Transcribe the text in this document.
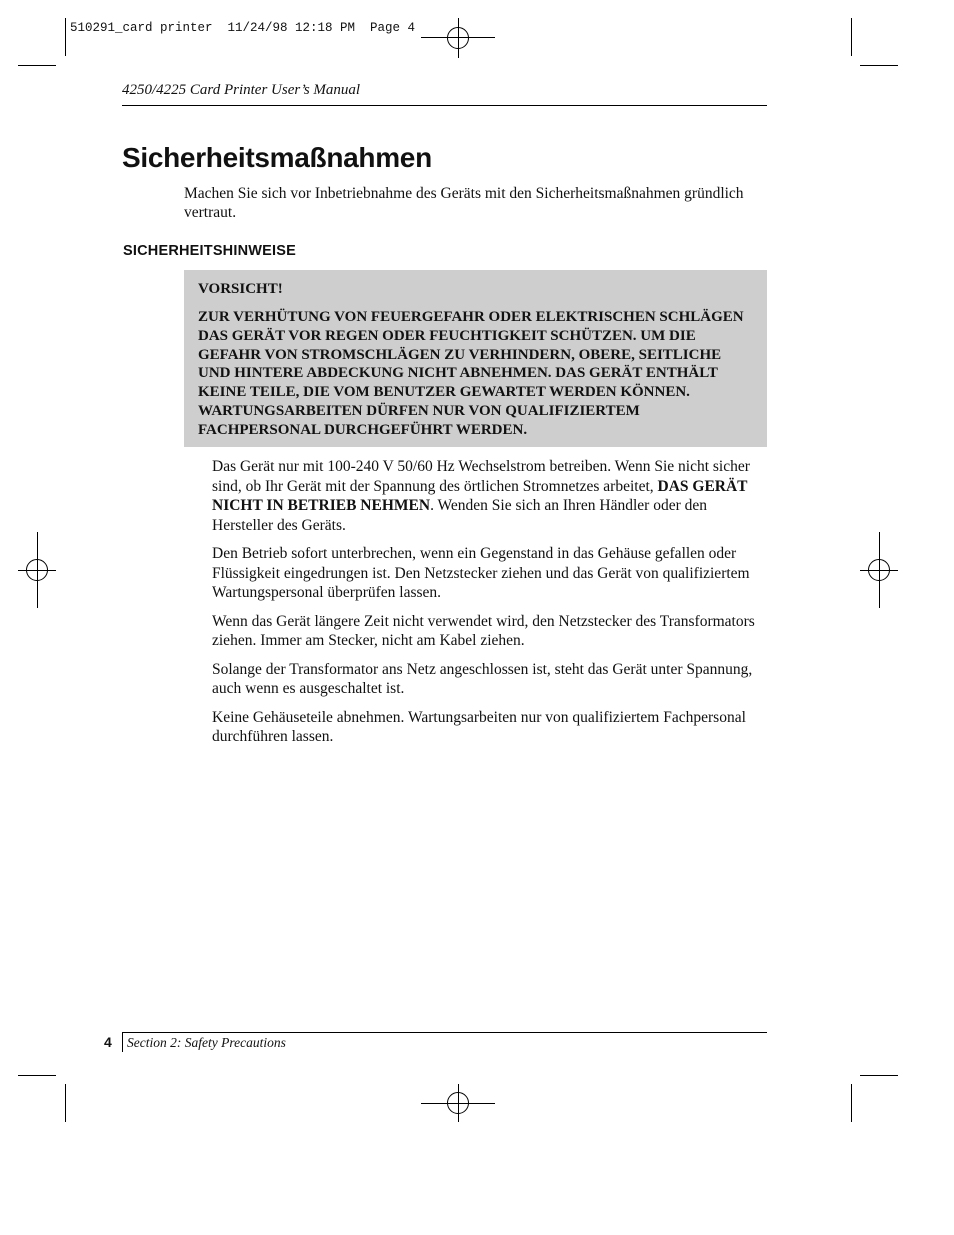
510291_card printer  11/24/98 12:18 PM  Page 4
4250/4225 Card Printer User’s Manual
Sicherheitsmaßnahmen

Machen Sie sich vor Inbetriebnahme des Geräts mit den Sicherheitsmaßnahmen gründlich vertraut.

SICHERHEITSHINWEISE

VORSICHT!

ZUR VERHÜTUNG VON FEUERGEFAHR ODER ELEKTRISCHEN SCHLÄGEN DAS GERÄT VOR REGEN ODER FEUCHTIGKEIT SCHÜTZEN. UM DIE GEFAHR VON STROMSCHLÄGEN ZU VERHINDERN, OBERE, SEITLICHE UND HINTERE ABDECKUNG NICHT ABNEHMEN. DAS GERÄT ENTHÄLT KEINE TEILE, DIE VOM BENUTZER GEWARTET WERDEN KÖNNEN. WARTUNGSARBEITEN DÜRFEN NUR VON QUALIFIZIERTEM FACHPERSONAL DURCHGEFÜHRT WERDEN.

Das Gerät nur mit 100-240 V 50/60 Hz Wechselstrom betreiben. Wenn Sie nicht sicher sind, ob Ihr Gerät mit der Spannung des örtlichen Stromnetzes arbeitet, DAS GERÄT NICHT IN BETRIEB NEHMEN. Wenden Sie sich an Ihren Händler oder den Hersteller des Geräts.

Den Betrieb sofort unterbrechen, wenn ein Gegenstand in das Gehäuse gefallen oder Flüssigkeit eingedrungen ist. Den Netzstecker ziehen und das Gerät von qualifiziertem Wartungspersonal überprüfen lassen.

Wenn das Gerät längere Zeit nicht verwendet wird, den Netzstecker des Transformators ziehen. Immer am Stecker, nicht am Kabel ziehen.

Solange der Transformator ans Netz angeschlossen ist, steht das Gerät unter Spannung, auch wenn es ausgeschaltet ist.

Keine Gehäuseteile abnehmen. Wartungsarbeiten nur von qualifiziertem Fachpersonal durchführen lassen.

4 Section 2: Safety Precautions
